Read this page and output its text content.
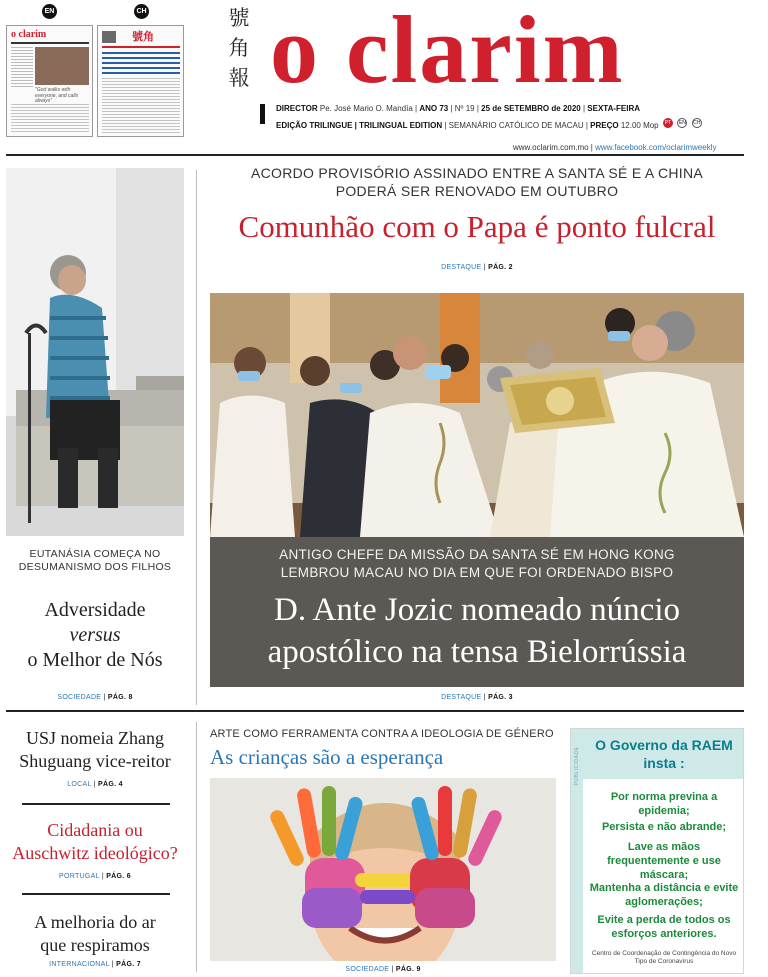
EN	CH
o clarim
"God walks with everyone, and calls always"
號角
號
角
報 o clarim
DIRECTOR Pe. José Mario O. Mandía | ANO 73 | Nº 19 | 25 de SETEMBRO de 2020 | SEXTA-FEIRA
PT EN CH
EDIÇÃO TRILINGUE | TRILINGUAL EDITION | SEMANÁRIO CATÓLICO DE MACAU | PREÇO 12.00 Mop
www.oclarim.com.mo | www.facebook.com/oclarimweekly
EUTANÁSIA COMEÇA NO DESUMANISMO DOS FILHOS
Adversidade
versus
o Melhor de Nós
SOCIEDADE | PÁG. 8
ACORDO PROVISÓRIO ASSINADO ENTRE A SANTA SÉ E A CHINA
PODERÁ SER RENOVADO EM OUTUBRO
Comunhão com o Papa é ponto fulcral
DESTAQUE | PÁG. 2
ANTIGO CHEFE DA MISSÃO DA SANTA SÉ EM HONG KONG
LEMBROU MACAU NO DIA EM QUE FOI ORDENADO BISPO
D. Ante Jozic nomeado núncio
apostólico na tensa Bielorrússia
DESTAQUE | PÁG. 3
USJ nomeia Zhang
Shuguang vice-reitor
LOCAL | PÁG. 4
Cidadania ou
Auschwitz ideológico?
PORTUGAL | PÁG. 6
A melhoria do ar
que respiramos
INTERNACIONAL | PÁG. 7
ARTE COMO FERRAMENTA CONTRA A IDEOLOGIA DE GÉNERO
As crianças são a esperança
SOCIEDADE | PÁG. 9
PUBLICIDADE
O Governo da RAEM
insta :
Por norma previna a epidemia;
Persista e não abrande;
Lave as mãos frequentemente e use máscara;
Mantenha a distância e evite aglomerações;
Evite a perda de todos os esforços anteriores.
Centro de Coordenação de Contingência do Novo Tipo de Coronavírus
